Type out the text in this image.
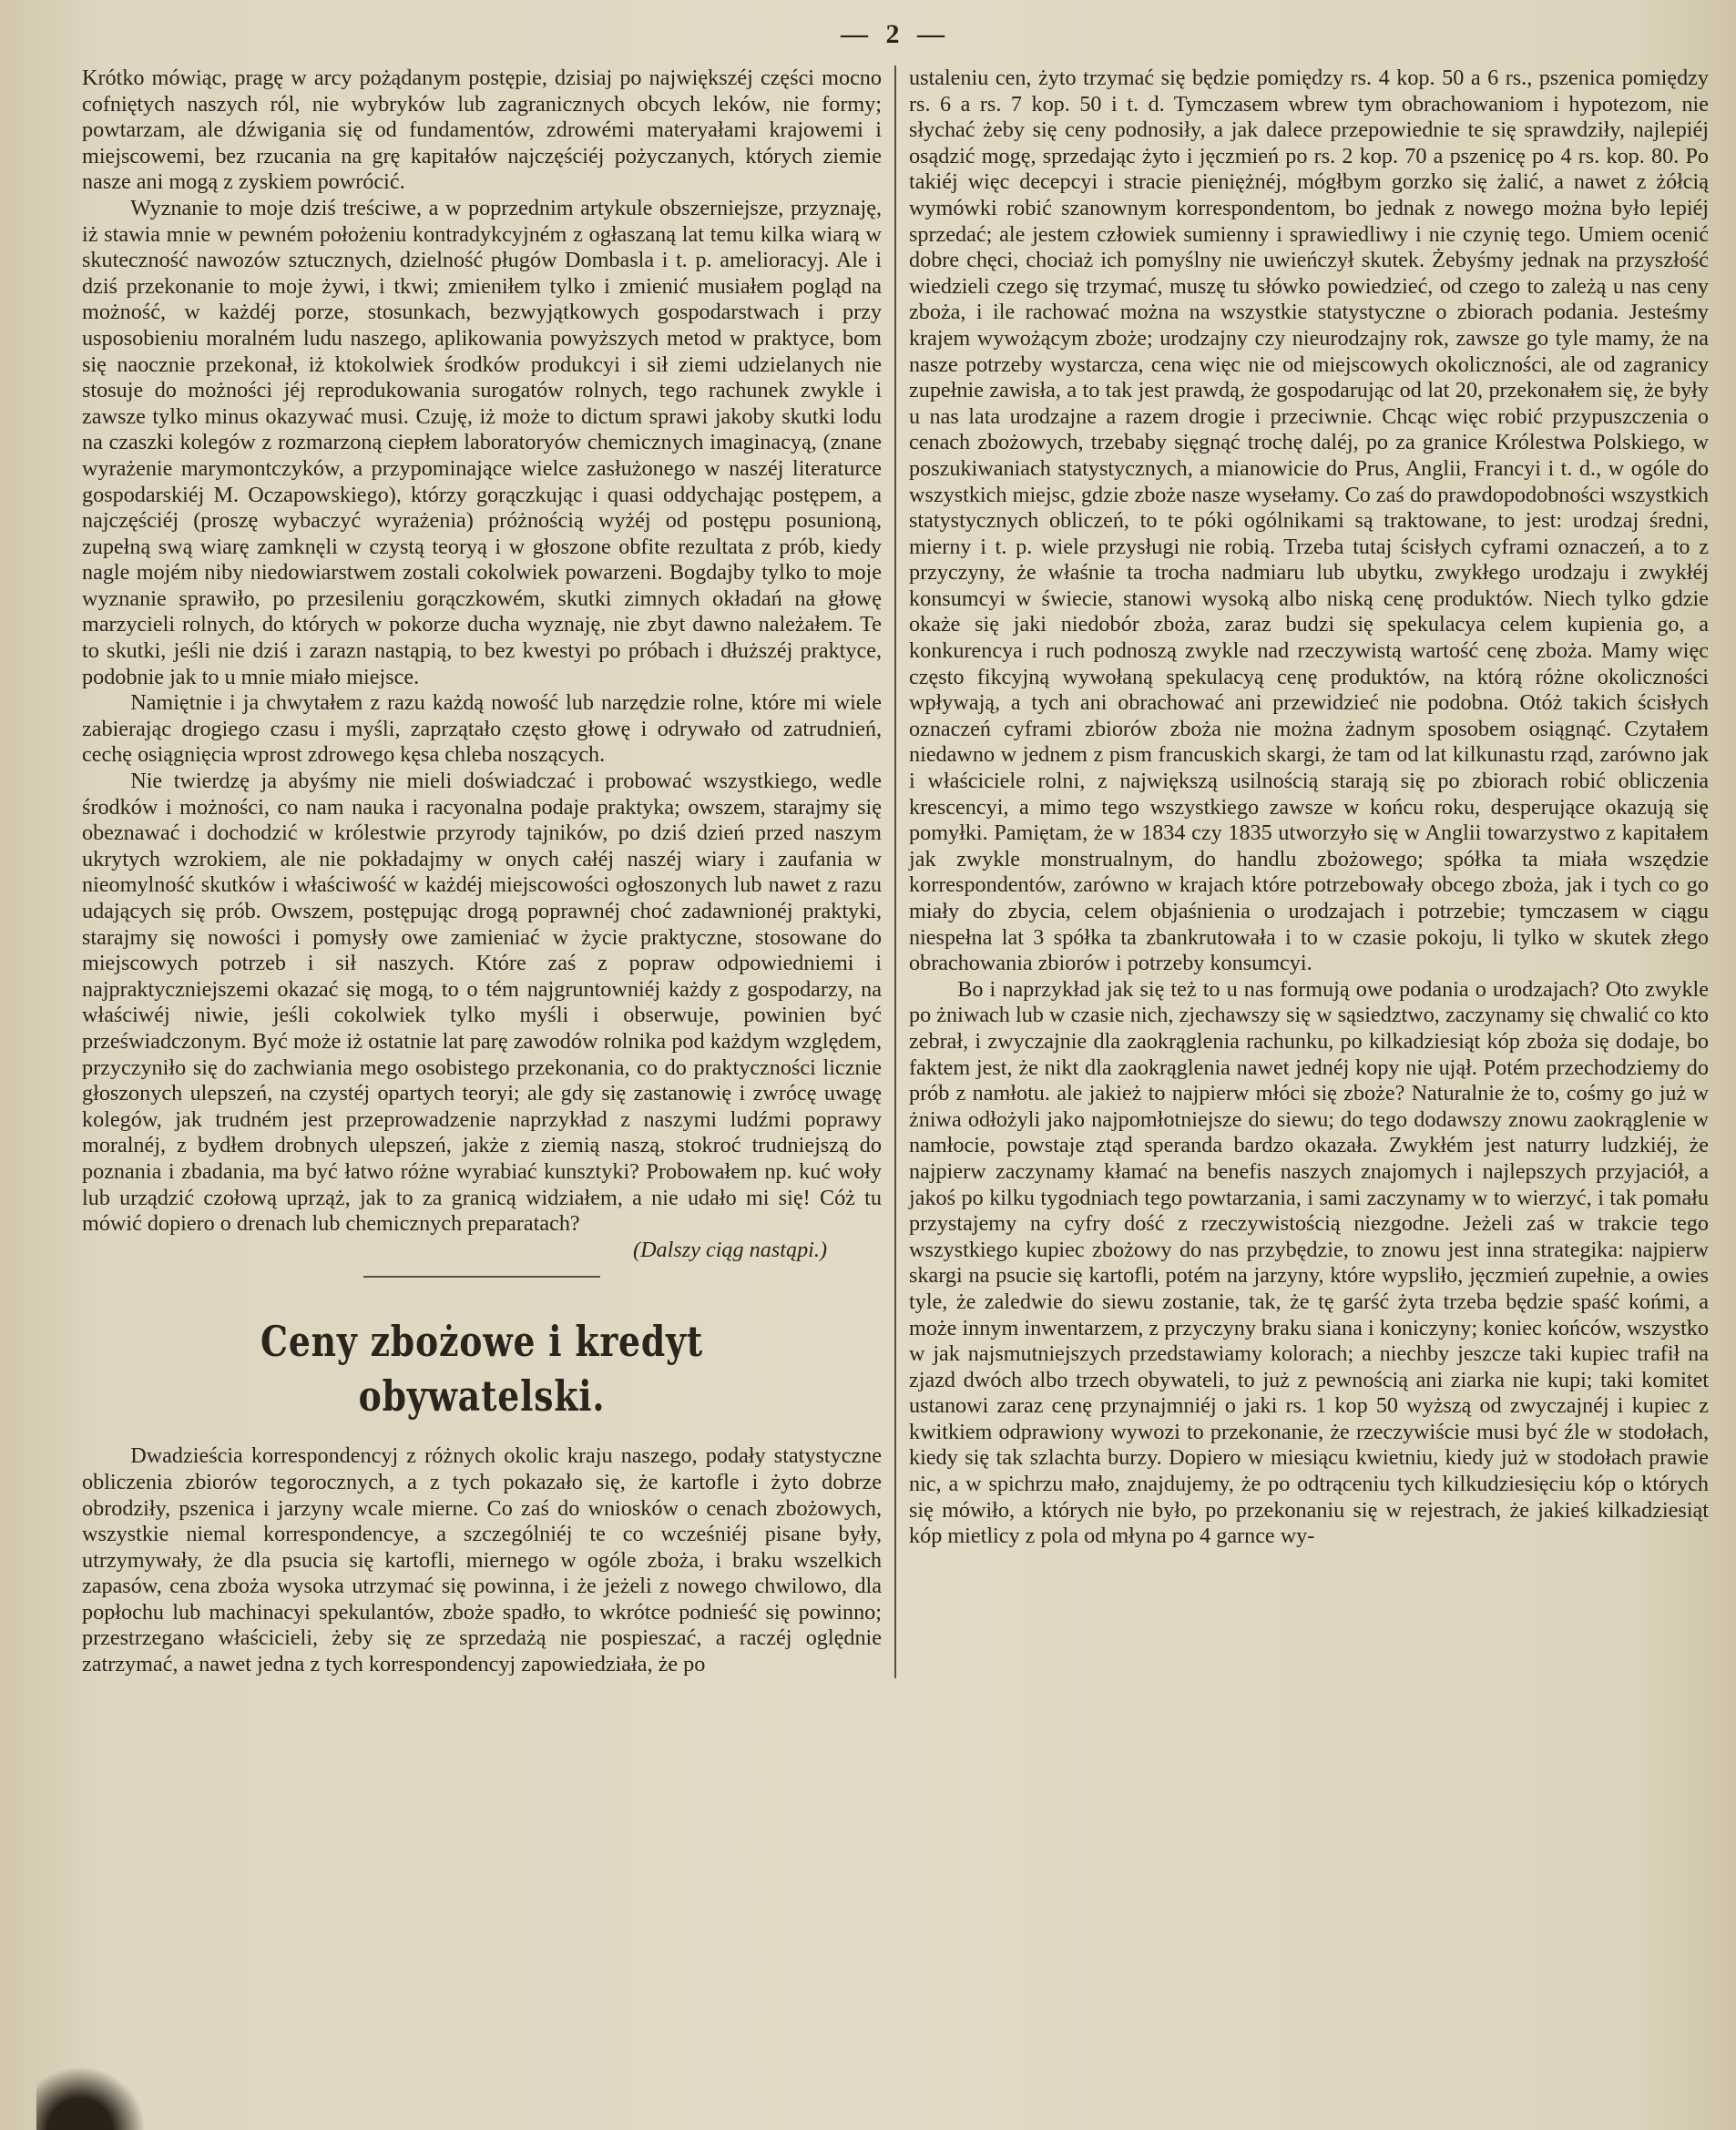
— 2 —

Krótko mówiąc, pragę w arcy pożądanym postępie, dzisiaj po największéj części mocno cofniętych naszych ról, nie wybryków lub zagranicznych obcych leków, nie formy; powtarzam, ale dźwigania się od fundamentów, zdrowémi materyałami krajowemi i miejscowemi, bez rzucania na grę kapitałów najczęściéj pożyczanych, których ziemie nasze ani mogą z zyskiem powrócić.

Wyznanie to moje dziś treściwe, a w poprzednim artykule obszerniejsze, przyznaję, iż stawia mnie w pewném położeniu kontradykcyjném z ogłaszaną lat temu kilka wiarą w skuteczność nawozów sztucznych, dzielność pługów Dombasla i t. p. amelioracyj. Ale i dziś przekonanie to moje żywi, i tkwi; zmieniłem tylko i zmienić musiałem pogląd na możność, w każdéj porze, stosunkach, bezwyjątkowych gospodarstwach i przy usposobieniu moralném ludu naszego, aplikowania powyższych metod w praktyce, bom się naocznie przekonał, iż ktokolwiek środków produkcyi i sił ziemi udzielanych nie stosuje do możności jéj reprodukowania surogatów rolnych, tego rachunek zwykle i zawsze tylko minus okazywać musi. Czuję, iż może to dictum sprawi jakoby skutki lodu na czaszki kolegów z rozmarzoną ciepłem laboratoryów chemicznych imaginacyą, (znane wyrażenie marymontczyków, a przypominające wielce zasłużonego w naszéj literaturce gospodarskiéj M. Oczapowskiego), którzy gorączkując i quasi oddychając postępem, a najczęściéj (proszę wybaczyć wyrażenia) próżnością wyżéj od postępu posunioną, zupełną swą wiarę zamknęli w czystą teoryą i w głoszone obfite rezultata z prób, kiedy nagle mojém niby niedowiarstwem zostali cokolwiek powarzeni. Bogdajby tylko to moje wyznanie sprawiło, po przesileniu gorączkowém, skutki zimnych okładań na głowę marzycieli rolnych, do których w pokorze ducha wyznaję, nie zbyt dawno należałem. Te to skutki, jeśli nie dziś i zarazn nastąpią, to bez kwestyi po próbach i dłuższéj praktyce, podobnie jak to u mnie miało miejsce.

Namiętnie i ja chwytałem z razu każdą nowość lub narzędzie rolne, które mi wiele zabierając drogiego czasu i myśli, zaprzątało często głowę i odrywało od zatrudnień, cechę osiągnięcia wprost zdrowego kęsa chleba noszących.

Nie twierdzę ja abyśmy nie mieli doświadczać i probować wszystkiego, wedle środków i możności, co nam nauka i racyonalna podaje praktyka; owszem, starajmy się obeznawać i dochodzić w królestwie przyrody tajników, po dziś dzień przed naszym ukrytych wzrokiem, ale nie pokładajmy w onych całéj naszéj wiary i zaufania w nieomylność skutków i właściwość w każdéj miejscowości ogłoszonych lub nawet z razu udających się prób. Owszem, postępując drogą poprawnéj choć zadawnionéj praktyki, starajmy się nowości i pomysły owe zamieniać w życie praktyczne, stosowane do miejscowych potrzeb i sił naszych. Które zaś z popraw odpowiedniemi i najpraktyczniejszemi okazać się mogą, to o tém najgruntowniéj każdy z gospodarzy, na właściwéj niwie, jeśli cokolwiek tylko myśli i obserwuje, powinien być przeświadczonym. Być może iż ostatnie lat parę zawodów rolnika pod każdym względem, przyczyniło się do zachwiania mego osobistego przekonania, co do praktyczności licznie głoszonych ulepszeń, na czystéj opartych teoryi; ale gdy się zastanowię i zwrócę uwagę kolegów, jak trudném jest przeprowadzenie naprzykład z naszymi ludźmi poprawy moralnéj, z bydłem drobnych ulepszeń, jakże z ziemią naszą, stokroć trudniejszą do poznania i zbadania, ma być łatwo różne wyrabiać kunsztyki? Probowałem np. kuć woły lub urządzić czołową uprząż, jak to za granicą widziałem, a nie udało mi się! Cóż tu mówić dopiero o drenach lub chemicznych preparatach?

(Dalszy ciąg nastąpi.)
Ceny zbożowe i kredyt obywatelski.

Dwadzieścia korrespondencyj z różnych okolic kraju naszego, podały statystyczne obliczenia zbiorów tegorocznych, a z tych pokazało się, że kartofle i żyto dobrze obrodziły, pszenica i jarzyny wcale mierne. Co zaś do wniosków o cenach zbożowych, wszystkie niemal korrespondencye, a szczególniéj te co wcześniéj pisane były, utrzymywały, że dla psucia się kartofli, miernego w ogóle zboża, i braku wszelkich zapasów, cena zboża wysoka utrzymać się powinna, i że jeżeli z nowego chwilowo, dla popłochu lub machinacyi spekulantów, zboże spadło, to wkrótce podnieść się powinno; przestrzegano właścicieli, żeby się ze sprzedażą nie pospieszać, a raczéj oględnie zatrzymać, a nawet jedna z tych korrespondencyj zapowiedziała, że po

ustaleniu cen, żyto trzymać się będzie pomiędzy rs. 4 kop. 50 a 6 rs., pszenica pomiędzy rs. 6 a rs. 7 kop. 50 i t. d. Tymczasem wbrew tym obrachowaniom i hypotezom, nie słychać żeby się ceny podnosiły, a jak dalece przepowiednie te się sprawdziły, najlepiéj osądzić mogę, sprzedając żyto i jęczmień po rs. 2 kop. 70 a pszenicę po 4 rs. kop. 80. Po takiéj więc decepcyi i stracie pieniężnéj, mógłbym gorzko się żalić, a nawet z żółcią wymówki robić szanownym korrespondentom, bo jednak z nowego można było lepiéj sprzedać; ale jestem człowiek sumienny i sprawiedliwy i nie czynię tego. Umiem ocenić dobre chęci, chociaż ich pomyślny nie uwieńczył skutek. Żebyśmy jednak na przyszłość wiedzieli czego się trzymać, muszę tu słówko powiedzieć, od czego to zależą u nas ceny zboża, i ile rachować można na wszystkie statystyczne o zbiorach podania. Jesteśmy krajem wywożącym zboże; urodzajny czy nieurodzajny rok, zawsze go tyle mamy, że na nasze potrzeby wystarcza, cena więc nie od miejscowych okoliczności, ale od zagranicy zupełnie zawisła, a to tak jest prawdą, że gospodarując od lat 20, przekonałem się, że były u nas lata urodzajne a razem drogie i przeciwnie. Chcąc więc robić przypuszczenia o cenach zbożowych, trzebaby sięgnąć trochę daléj, po za granice Królestwa Polskiego, w poszukiwaniach statystycznych, a mianowicie do Prus, Anglii, Francyi i t. d., w ogóle do wszystkich miejsc, gdzie zboże nasze wysełamy. Co zaś do prawdopodobności wszystkich statystycznych obliczeń, to te póki ogólnikami są traktowane, to jest: urodzaj średni, mierny i t. p. wiele przysługi nie robią. Trzeba tutaj ścisłych cyframi oznaczeń, a to z przyczyny, że właśnie ta trocha nadmiaru lub ubytku, zwykłego urodzaju i zwykłéj konsumcyi w świecie, stanowi wysoką albo niską cenę produktów. Niech tylko gdzie okaże się jaki niedobór zboża, zaraz budzi się spekulacya celem kupienia go, a konkurencya i ruch podnoszą zwykle nad rzeczywistą wartość cenę zboża. Mamy więc często fikcyjną wywołaną spekulacyą cenę produktów, na którą różne okoliczności wpływają, a tych ani obrachować ani przewidzieć nie podobna. Otóż takich ścisłych oznaczeń cyframi zbiorów zboża nie można żadnym sposobem osiągnąć. Czytałem niedawno w jednem z pism francuskich skargi, że tam od lat kilkunastu rząd, zarówno jak i właściciele rolni, z największą usilnością starają się po zbiorach robić obliczenia krescencyi, a mimo tego wszystkiego zawsze w końcu roku, desperujące okazują się pomyłki. Pamiętam, że w 1834 czy 1835 utworzyło się w Anglii towarzystwo z kapitałem jak zwykle monstrualnym, do handlu zbożowego; spółka ta miała wszędzie korrespondentów, zarówno w krajach które potrzebowały obcego zboża, jak i tych co go miały do zbycia, celem objaśnienia o urodzajach i potrzebie; tymczasem w ciągu niespełna lat 3 spółka ta zbankrutowała i to w czasie pokoju, li tylko w skutek złego obrachowania zbiorów i potrzeby konsumcyi.

Bo i naprzykład jak się też to u nas formują owe podania o urodzajach? Oto zwykle po żniwach lub w czasie nich, zjechawszy się w sąsiedztwo, zaczynamy się chwalić co kto zebrał, i zwyczajnie dla zaokrąglenia rachunku, po kilkadziesiąt kóp zboża się dodaje, bo faktem jest, że nikt dla zaokrąglenia nawet jednéj kopy nie ujął. Potém przechodziemy do prób z namłotu. ale jakież to najpierw młóci się zboże? Naturalnie że to, cośmy go już w żniwa odłożyli jako najpomłotniejsze do siewu; do tego dodawszy znowu zaokrąglenie w namłocie, powstaje ztąd speranda bardzo okazała. Zwykłém jest naturry ludzkiéj, że najpierw zaczynamy kłamać na benefis naszych znajomych i najlepszych przyjaciół, a jakoś po kilku tygodniach tego powtarzania, i sami zaczynamy w to wierzyć, i tak pomału przystajemy na cyfry dość z rzeczywistością niezgodne. Jeżeli zaś w trakcie tego wszystkiego kupiec zbożowy do nas przybędzie, to znowu jest inna strategika: najpierw skargi na psucie się kartofli, potém na jarzyny, które wypsliło, jęczmień zupełnie, a owies tyle, że zaledwie do siewu zostanie, tak, że tę garść żyta trzeba będzie spaść końmi, a może innym inwentarzem, z przyczyny braku siana i koniczyny; koniec końców, wszystko w jak najsmutniejszych przedstawiamy kolorach; a niechby jeszcze taki kupiec trafił na zjazd dwóch albo trzech obywateli, to już z pewnością ani ziarka nie kupi; taki komitet ustanowi zaraz cenę przynajmniéj o jaki rs. 1 kop 50 wyższą od zwyczajnéj i kupiec z kwitkiem odprawiony wywozi to przekonanie, że rzeczywiście musi być źle w stodołach, kiedy się tak szlachta burzy. Dopiero w miesiącu kwietniu, kiedy już w stodołach prawie nic, a w spichrzu mało, znajdujemy, że po odtrąceniu tych kilkudziesięciu kóp o których się mówiło, a których nie było, po przekonaniu się w rejestrach, że jakieś kilkadziesiąt kóp mietlicy z pola od młyna po 4 garnce wy-
